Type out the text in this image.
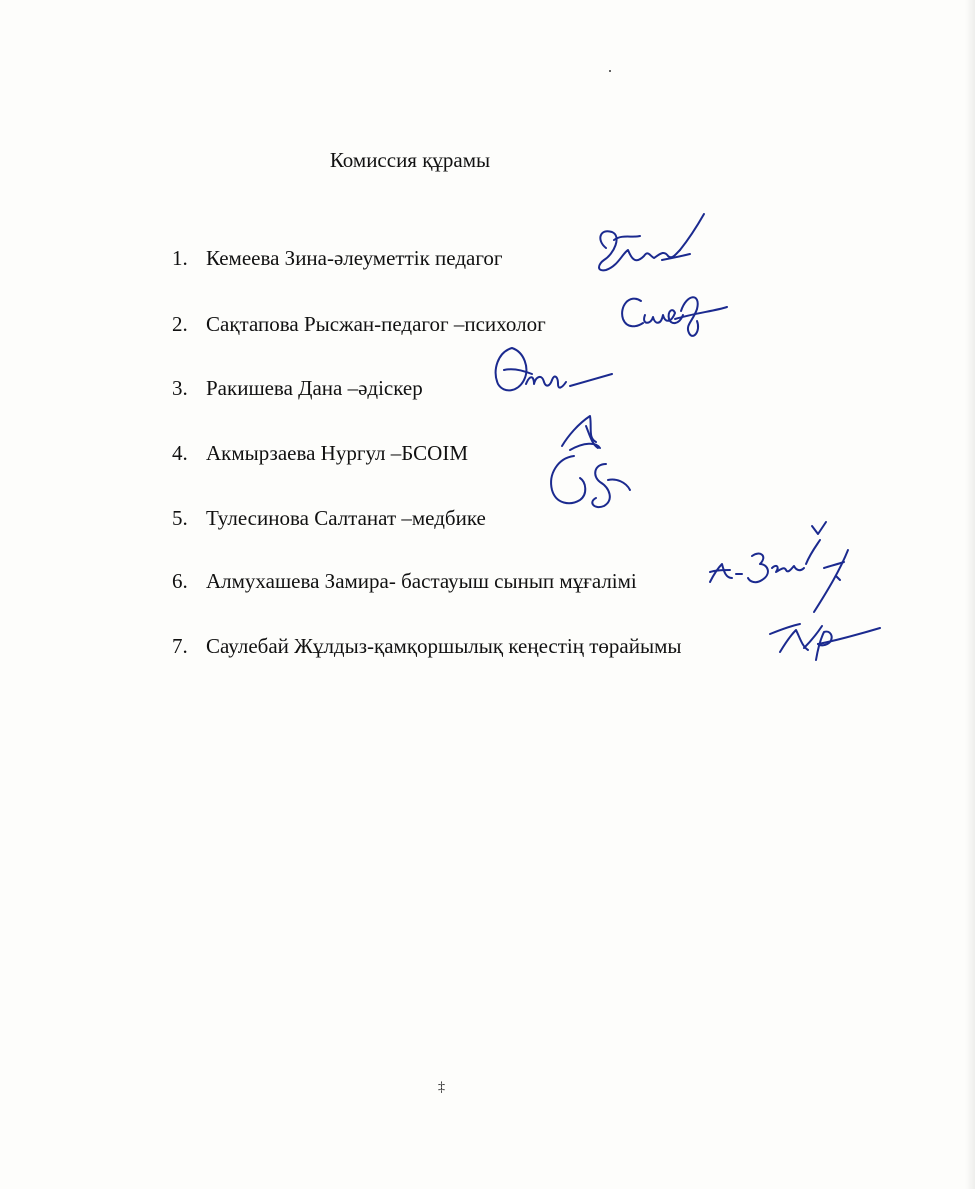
Комиссия құрамы
1. Кемеева Зина-әлеуметтік педагог
2. Сақтапова Рысжан-педагог –психолог
3. Ракишева Дана –әдіскер
4. Акмырзаева Нургул –БСОІМ
5. Тулесинова Салтанат –медбике
6. Алмухашева Замира- бастауыш сынып мұғалімі
7. Саулебай Жұлдыз-қамқоршылық кеңестің төрайымы
‡
